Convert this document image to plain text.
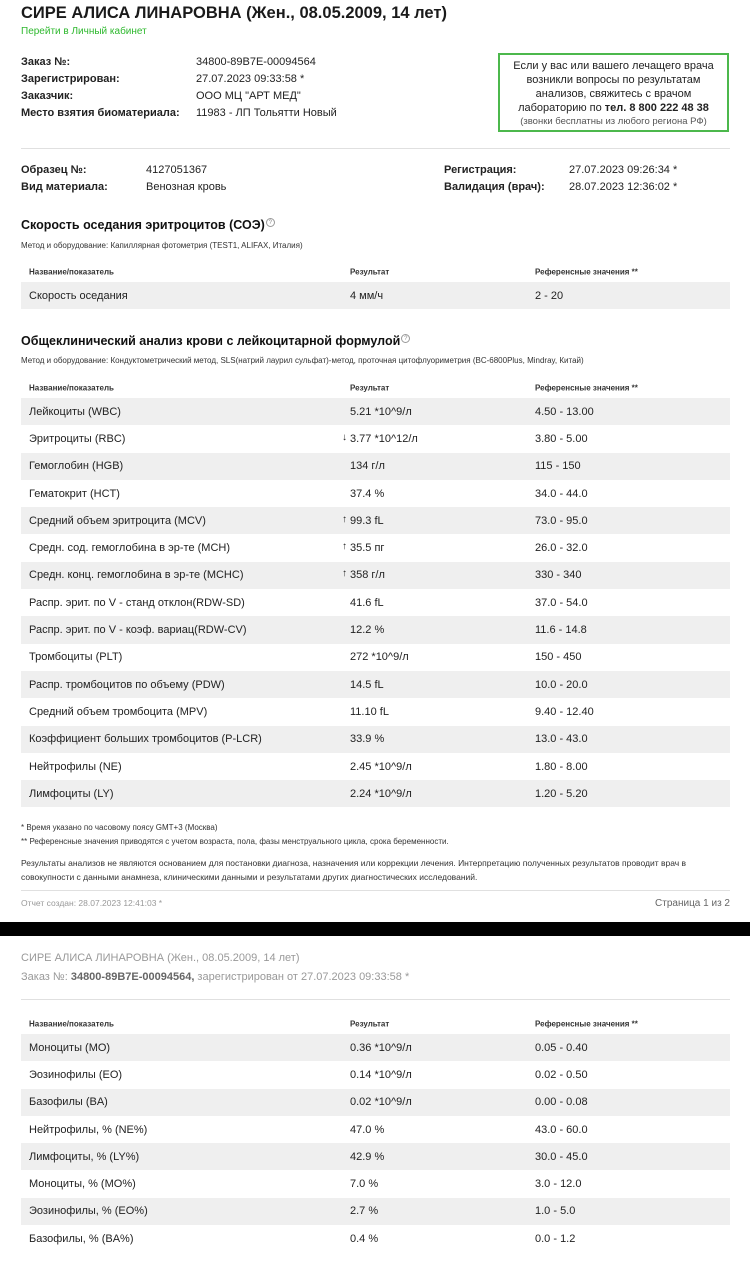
СИРЕ АЛИСА ЛИНАРОВНА (Жен., 08.05.2009, 14 лет)
Перейти в Личный кабинет
Заказ №:	34800-89B7E-00094564
Зарегистрирован:	27.07.2023 09:33:58 *
Заказчик:	ООО МЦ "АРТ МЕД"
Место взятия биоматериала: 11983 - ЛП Тольятти Новый
Если у вас или вашего лечащего врача
возникли вопросы по результатам
анализов, свяжитесь с врачом
лабораторию по тел. 8 800 222 48 38
(звонки бесплатны из любого региона РФ)
Образец №:	4127051367
Вид материала:	Венозная кровь
Регистрация:	27.07.2023 09:26:34 *
Валидация (врач): 28.07.2023 12:36:02 *
Скорость оседания эритроцитов (СОЭ) ?
Метод и оборудование: Капиллярная фотометрия (TEST1, ALIFAX, Италия)
Название/показатель	Результат	Референсные значения **
Скорость оседания	4 мм/ч	2 - 20
Общеклинический анализ крови с лейкоцитарной формулой ?
Метод и оборудование: Кондуктометрический метод, SLS(натрий лаурил сульфат)-метод, проточная цитофлуориметрия (BC-6800Plus, Mindray, Китай)
Название/показатель	Результат	Референсные значения **
Лейкоциты (WBC)	5.21 *10^9/л	4.50 - 13.00
Эритроциты (RBC)	↓ 3.77 *10^12/л	3.80 - 5.00
Гемоглобин (HGB)	134 г/л	115 - 150
Гематокрит (HCT)	37.4 %	34.0 - 44.0
Средний объем эритроцита (MCV)	↑ 99.3 fL	73.0 - 95.0
Средн. сод. гемоглобина в эр-те (MCH)	↑ 35.5 пг	26.0 - 32.0
Средн. конц. гемоглобина в эр-те (MCHC)	↑ 358 г/л	330 - 340
Распр. эрит. по V - станд отклон(RDW-SD)	41.6 fL	37.0 - 54.0
Распр. эрит. по V - коэф. вариац(RDW-CV)	12.2 %	11.6 - 14.8
Тромбоциты (PLT)	272 *10^9/л	150 - 450
Распр. тромбоцитов по объему (PDW)	14.5 fL	10.0 - 20.0
Средний объем тромбоцита (MPV)	11.10 fL	9.40 - 12.40
Коэффициент больших тромбоцитов (P-LCR)	33.9 %	13.0 - 43.0
Нейтрофилы (NE)	2.45 *10^9/л	1.80 - 8.00
Лимфоциты (LY)	2.24 *10^9/л	1.20 - 5.20
* Время указано по часовому поясу GMT+3 (Москва)
** Референсные значения приводятся с учетом возраста, пола, фазы менструального цикла, срока беременности.
Результаты анализов не являются основанием для постановки диагноза, назначения или коррекции лечения. Интерпретацию полученных результатов проводит врач в совокупности с данными анамнеза, клиническими данными и результатами других диагностических исследований.
Отчет создан: 28.07.2023 12:41:03 *	Страница 1 из 2
СИРЕ АЛИСА ЛИНАРОВНА (Жен., 08.05.2009, 14 лет)
Заказ №: 34800-89B7E-00094564, зарегистрирован от 27.07.2023 09:33:58 *
Название/показатель	Результат	Референсные значения **
Моноциты (MO)	0.36 *10^9/л	0.05 - 0.40
Эозинофилы (EO)	0.14 *10^9/л	0.02 - 0.50
Базофилы (BA)	0.02 *10^9/л	0.00 - 0.08
Нейтрофилы, % (NE%)	47.0 %	43.0 - 60.0
Лимфоциты, % (LY%)	42.9 %	30.0 - 45.0
Моноциты, % (MO%)	7.0 %	3.0 - 12.0
Эозинофилы, % (EO%)	2.7 %	1.0 - 5.0
Базофилы, % (BA%)	0.4 %	0.0 - 1.2
